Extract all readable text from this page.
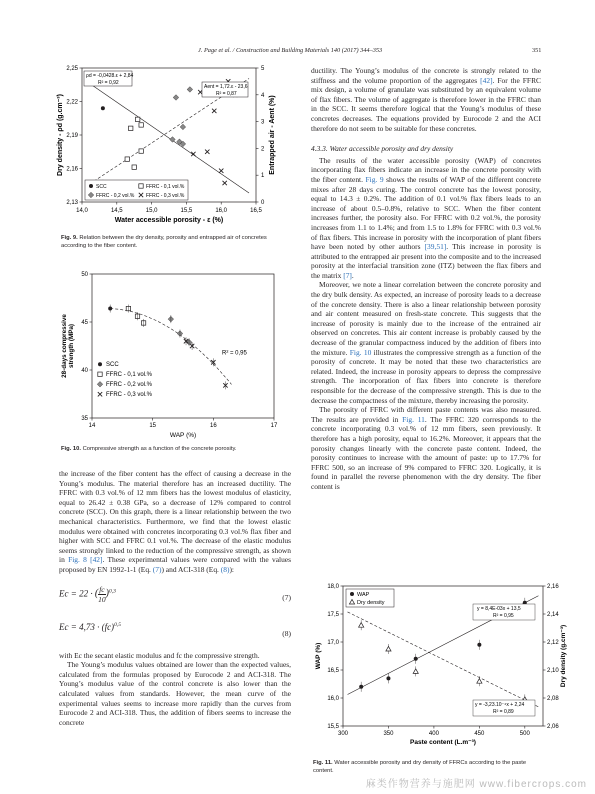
J. Page et al. / Construction and Building Materials 140 (2017) 344–353	351
14,0	14,5	15,0	15,5	16,0	16,5
2,13
2,16
2,19
2,22
2,25
0
1
2
3
4
5
Water accessible porosity - ε (%)
Dry density - ρd (g.cm⁻³)	Entrapped air - Aent (%)
ρd = -0,0428.ε + 2,84
R² = 0,92
Aent = 1,72.ε - 23,6
R² = 0,87
SCC	FFRC - 0,1 vol.%
FFRC - 0,2 vol.% FFRC - 0,3 vol.%
Fig. 9. Relation between the dry density, porosity and entrapped air of concretes according to the fiber content.
14	15	16	17
35
40
45
50
WAP (%)
28-days compressive strength (MPa)	R² = 0,95
SCC
FFRC - 0,1 vol.%
FFRC - 0,2 vol.%
FFRC - 0,3 vol.%
Fig. 10. Compressive strength as a function of the concrete porosity.

the increase of the fiber content has the effect of causing a decrease in the Young’s modulus. The material therefore has an increased ductility. The FFRC with 0.3 vol.% of 12 mm fibers has the lowest modulus of elasticity, equal to 26.42 ± 0.38 GPa, so a decrease of 12% compared to control concrete (SCC). On this graph, there is a linear relationship between the two mechanical characteristics. Furthermore, we find that the lowest elastic modulus were obtained with concretes incorporating 0.3 vol.% flax fiber and higher with SCC and FFRC 0.1 vol.%. The decrease of the elastic modulus seems strongly linked to the reduction of the compressive strength, as shown in Fig. 8 [42]. These experimental values were compared with the values proposed by EN 1992-1-1 (Eq. (7)) and ACI-318 (Eq. (8)):

Ec = 22 · ( $\frac{fc}{10} )^{0,3}$
(7)
Ec = 4,73 · (fc)$^{0,5}$
(8)

with Ec the secant elastic modulus and fc the compressive strength.

The Young’s modulus values obtained are lower than the expected values, calculated from the formulas proposed by Eurocode 2 and ACI-318. The Young’s modulus value of the control concrete is also lower than the calculated values from standards. However, the mean curve of the experimental values seems to increase more rapidly than the curves from Eurocode 2 and ACI-318. Thus, the addition of fibers seems to increase the concrete

ductility. The Young’s modulus of the concrete is strongly related to the stiffness and the volume proportion of the aggregates [42]. For the FFRC mix design, a volume of granulate was substituted by an equivalent volume of flax fibers. The volume of aggregate is therefore lower in the FFRC than in the SCC. It seems therefore logical that the Young’s modulus of these concretes decreases. The equations provided by Eurocode 2 and the ACI therefore do not seem to be suitable for these concretes.

4.3.3. Water accessible porosity and dry density

The results of the water accessible porosity (WAP) of concretes incorporating flax fibers indicate an increase in the concrete porosity with the fiber content. Fig. 9 shows the results of WAP of the different concrete mixes after 28 days curing. The control concrete has the lowest porosity, equal to 14.3 ± 0.2%. The addition of 0.1 vol.% flax fibers leads to an increase of about 0.5–0.8%, relative to SCC. When the fiber content increases further, the porosity also. For FFRC with 0.2 vol.%, the porosity increases from 1.1 to 1.4%; and from 1.5 to 1.8% for FFRC with 0.3 vol.% of flax fibers. This increase in porosity with the incorporation of plant fibers have been noted by other authors [39,51]. This increase in porosity is attributed to the entrapped air present into the composite and to the increased porosity at the interfacial transition zone (ITZ) between the flax fibers and the matrix [7].

Moreover, we note a linear correlation between the concrete porosity and the dry bulk density. As expected, an increase of porosity leads to a decrease of the concrete density. There is also a linear relationship between porosity and air content measured on fresh-state concrete. This suggests that the increase of porosity is mainly due to the increase of the entrained air observed on concretes. This air content increase is probably caused by the decrease of the granular compactness induced by the addition of fibers into the mixture. Fig. 10 illustrates the compressive strength as a function of the porosity of concrete. It may be noted that these two characteristics are related. Indeed, the increase in porosity appears to depress the compressive strength. The incorporation of flax fibers into concrete is therefore responsible for the decrease of the compressive strength. This is due to the decrease the compactness of the mixture, thereby increasing the porosity.

The porosity of FFRC with different paste contents was also measured. The results are provided in Fig. 11. The FFRC 320 corresponds to the concrete incorporating 0.3 vol.% of 12 mm fibers, seen previously. It therefore has a high porosity, equal to 16.2%. Moreover, it appears that the porosity changes linearly with the concrete paste content. Indeed, the porosity continues to increase with the amount of paste: up to 17.7% for FFRC 500, so an increase of 9% compared to FFRC 320. Logically, it is found in parallel the reverse phenomenon with the dry density. The fiber content is

300	350	400	450	500
15,5
16,0
16,5
17,0
17,5
18,0
2,06
2,08
2,10
2,12
2,14
2,16
Paste content (L.m⁻³)
WAP (%)	Dry density (g.cm⁻³)
WAP
Dry density
y = 8,4E-03x + 13,5
R² = 0,95
y = -3,23.10⁻⁴x + 2,24
R² = 0,89
Fig. 11. Water accessible porosity and dry density of FFRCs according to the paste content.
麻类作物营养与施肥网 www.fibercrops.com
